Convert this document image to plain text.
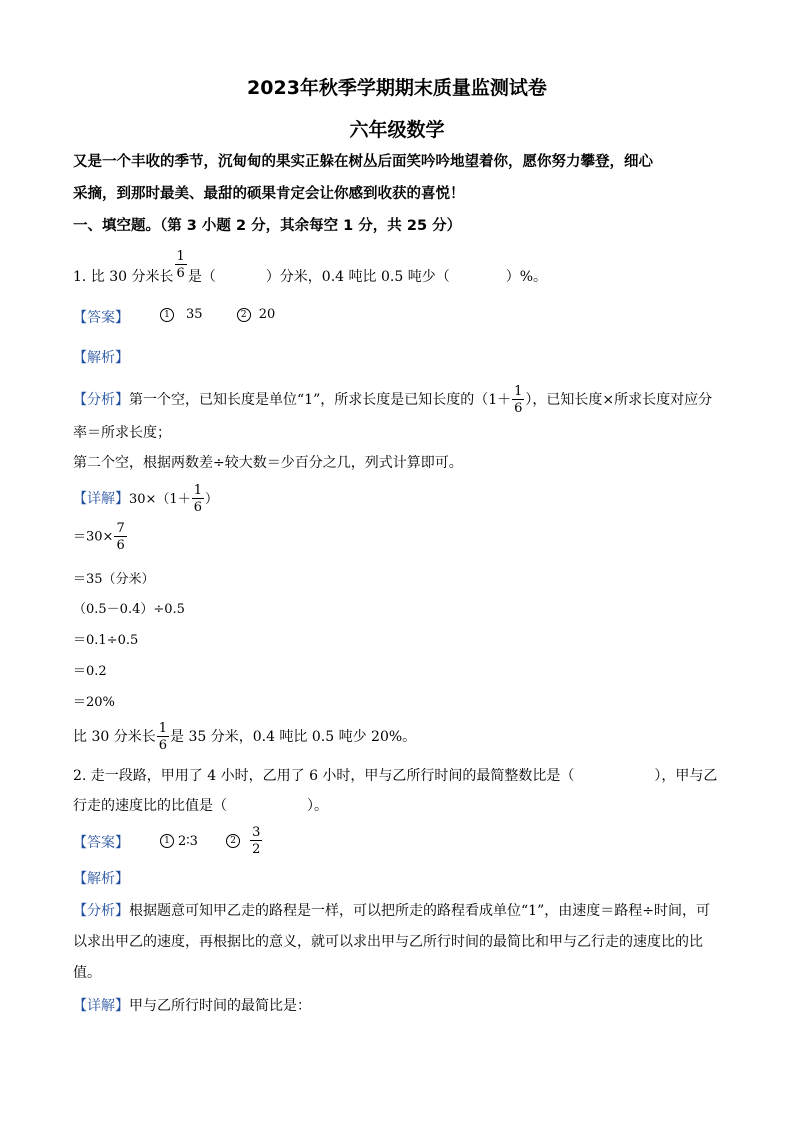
2023年秋季学期期末质量监测试卷
六年级数学
又是一个丰收的季节，沉甸甸的果实正躲在树丛后面笑吟吟地望着你，愿你努力攀登，细心
采摘，到那时最美、最甜的硕果肯定会让你感到收获的喜悦！
一、填空题。（第 3 小题 2 分，其余每空 1 分，共 25 分）
1. 比 30 分米长 $\frac{1}{6}$ 是（	）分米，0.4 吨比 0.5 吨少（	）%。
【答案】	1 35	2 20
【解析】
【分析】第一个空，已知长度是单位“1”，所求长度是已知长度的（$1+ \frac{1}{6}$ ），已知长度×所求长度对应分
率＝所求长度；
第二个空，根据两数差÷较大数＝少百分之几，列式计算即可。
【详解】$30\times(1+ \frac{1}{6}$ ）
$=30\times \frac{7}{6}$
＝35（分米）
（0.5－0.4）÷0.5
＝0.1÷0.5
＝0.2
＝20%
比 30 分米长 $\frac{1}{6}$ 是 35 分米，0.4 吨比 0.5 吨少 20%。
2. 走一段路，甲用了 4 小时，乙用了 6 小时，甲与乙所行时间的最简整数比是（	），甲与乙
行走的速度比的比值是（	）。
【答案】	1 2∶3	$2 \frac{3}{2}$
【解析】
【分析】根据题意可知甲乙走的路程是一样，可以把所走的路程看成单位“1”，由速度＝路程÷时间，可
以求出甲乙的速度，再根据比的意义，就可以求出甲与乙所行时间的最简比和甲与乙行走的速度比的比
值。
【详解】甲与乙所行时间的最简比是：
